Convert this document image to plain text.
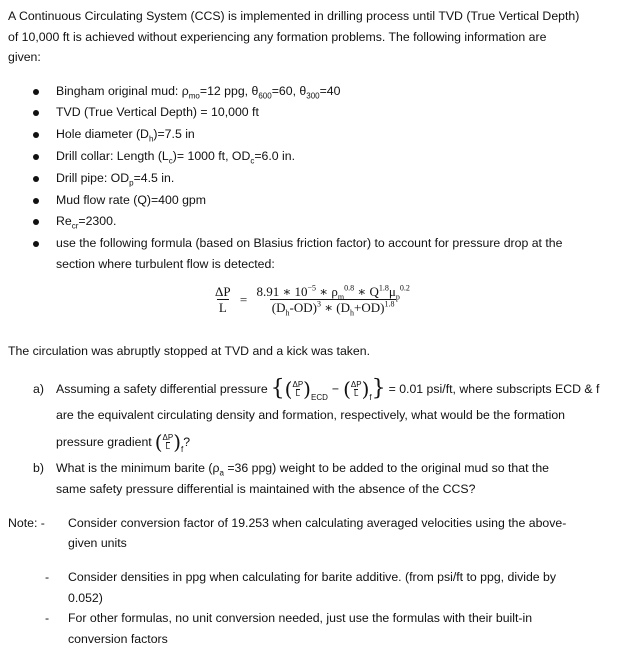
A Continuous Circulating System (CCS) is implemented in drilling process until TVD (True Vertical Depth)
of 10,000 ft is achieved without experiencing any formation problems. The following information are
given:
Bingham original mud: $\rho_{mo}=12$ ppg, $\theta_{600}=60$, $\theta_{300}=40$
TVD (True Vertical Depth) = 10,000 ft
Hole diameter $(D_h)=7.5$ in
Drill collar: Length $(L_c)= 1000$ ft, $OD_c=6.0$ in.
Drill pipe: $OD_p=4.5$ in.
Mud flow rate (Q)=400 gpm
$Re_{cr}=2300$.
use the following formula (based on Blasius friction factor) to account for pressure drop at the
section where turbulent flow is detected:
$\frac{\Delta P}{L} = \frac{8.91 ∗ 10^{-5} ∗ \rho_m^{0.8} ∗ Q^{1.8}\mu_p^{0.2}}{(D_h-OD)^3 ∗ (D_h+OD)^{1.8}}$
The circulation was abruptly stopped at TVD and a kick was taken.
a) Assuming a safety differential pressure { ( ΔP
L ) ECD
− ( ΔP
L ) f } = 0.01 psi/ft, where subscripts ECD & f
are the equivalent circulating density and formation, respectively, what would be the formation
pressure gradient ( ΔP
L ) f
?
b) What is the minimum barite ($\rho_a =36$ ppg) weight to be added to the original mud so that the
same safety pressure differential is maintained with the absence of the CCS?
Note: - Consider conversion factor of 19.253 when calculating averaged velocities using the above-
given units
- Consider densities in ppg when calculating for barite additive. (from psi/ft to ppg, divide by
0.052)
- For other formulas, no unit conversion needed, just use the formulas with their built-in
conversion factors
